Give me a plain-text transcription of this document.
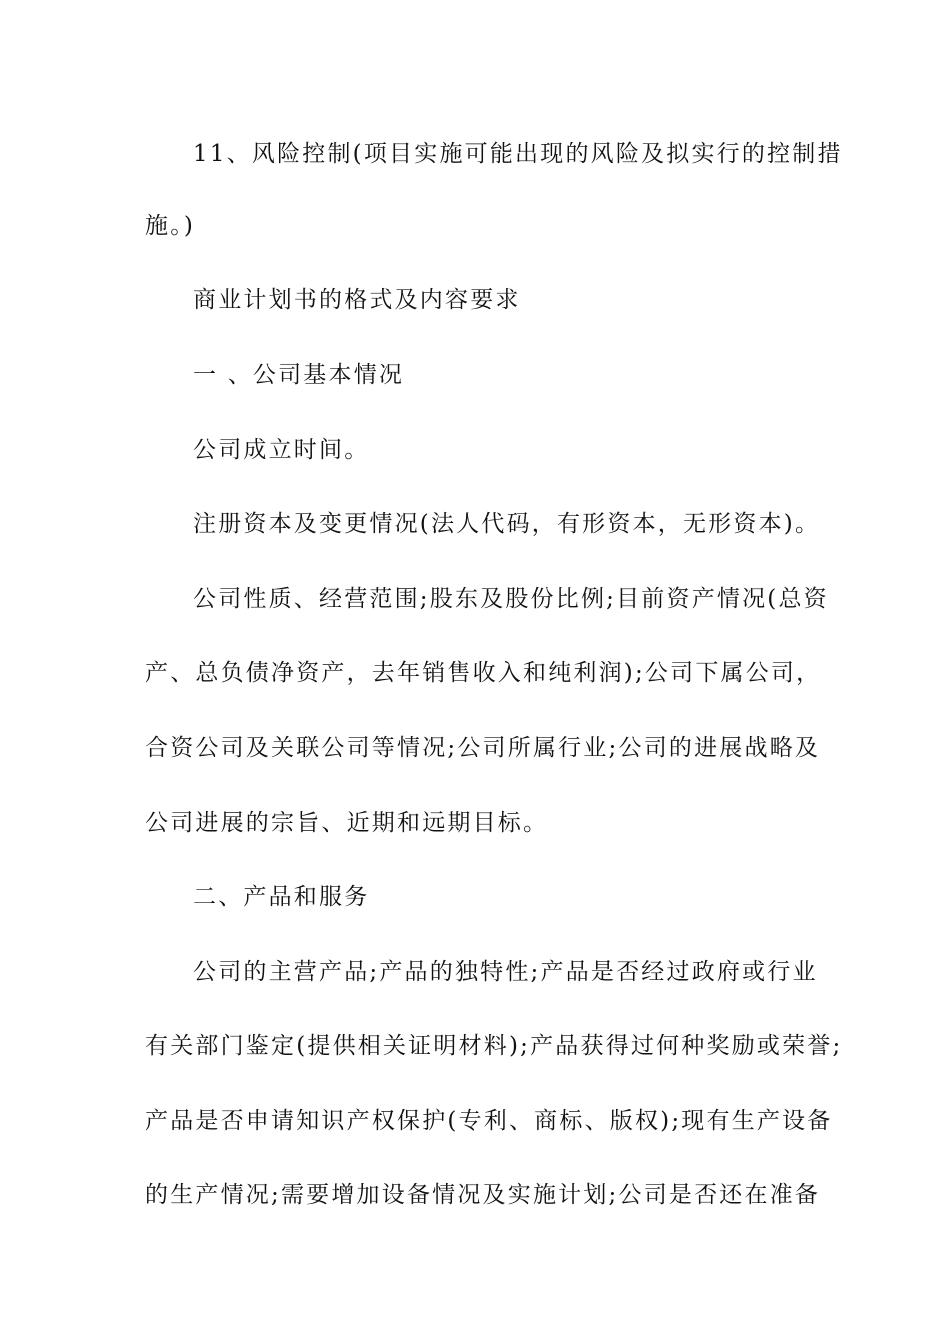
11、风险控制(项目实施可能出现的风险及拟实行的控制措
施。)
商业计划书的格式及内容要求
一 、公司基本情况
公司成立时间。
注册资本及变更情况(法人代码，有形资本，无形资本)。
公司性质、经营范围;股东及股份比例;目前资产情况(总资
产、总负债净资产，去年销售收入和纯利润);公司下属公司，
合资公司及关联公司等情况;公司所属行业;公司的进展战略及
公司进展的宗旨、近期和远期目标。
二、产品和服务
公司的主营产品;产品的独特性;产品是否经过政府或行业
有关部门鉴定(提供相关证明材料);产品获得过何种奖励或荣誉;
产品是否申请知识产权保护(专利、商标、版权);现有生产设备
的生产情况;需要增加设备情况及实施计划;公司是否还在准备
